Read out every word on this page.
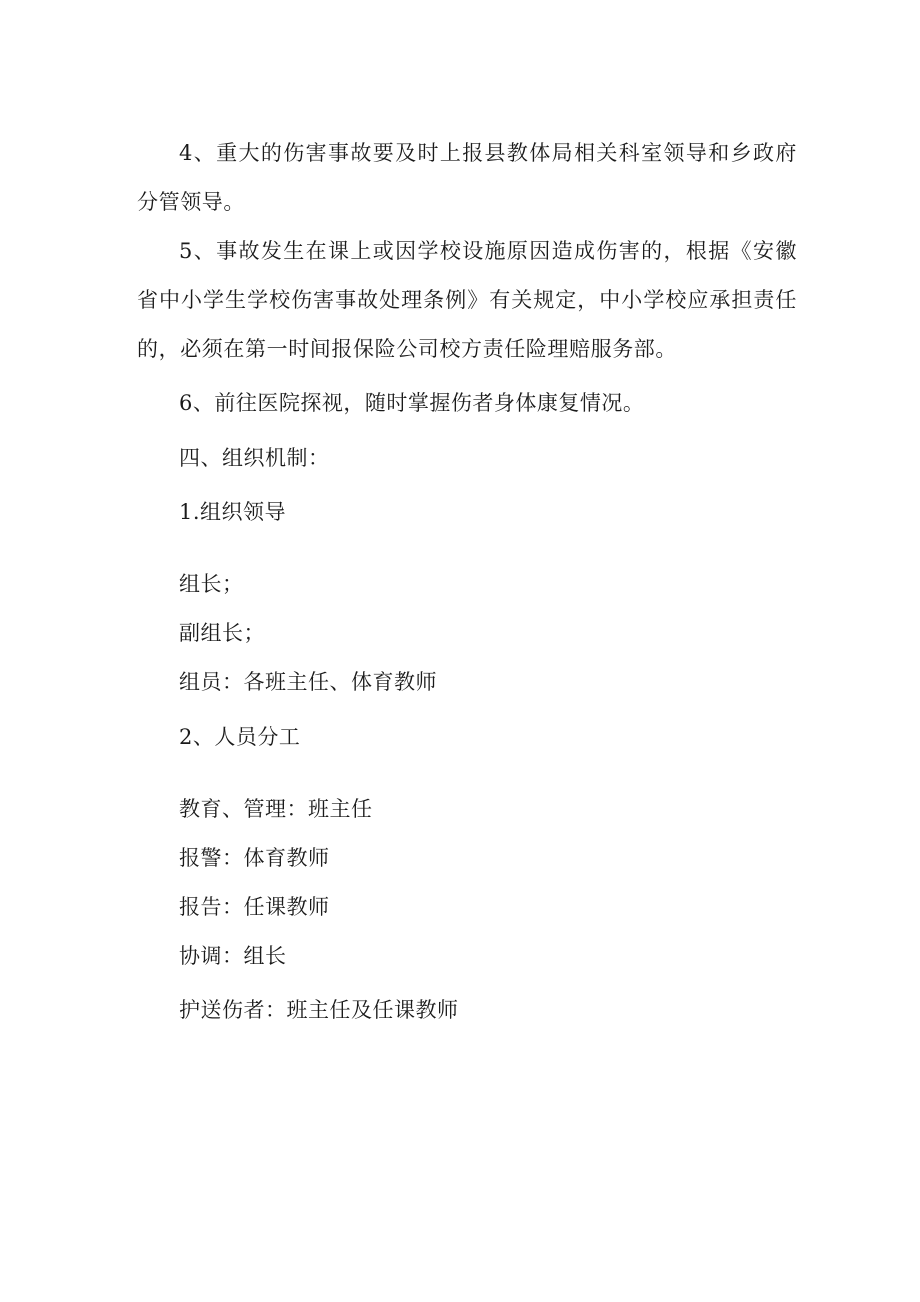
4、重大的伤害事故要及时上报县教体局相关科室领导和乡政府分管领导。
5、事故发生在课上或因学校设施原因造成伤害的，根据《安徽省中小学生学校伤害事故处理条例》有关规定，中小学校应承担责任的，必须在第一时间报保险公司校方责任险理赔服务部。
6、前往医院探视，随时掌握伤者身体康复情况。
四、组织机制：
1.组织领导
组长；
副组长；
组员：各班主任、体育教师
2、人员分工
教育、管理：班主任
报警：体育教师
报告：任课教师
协调：组长
护送伤者：班主任及任课教师
